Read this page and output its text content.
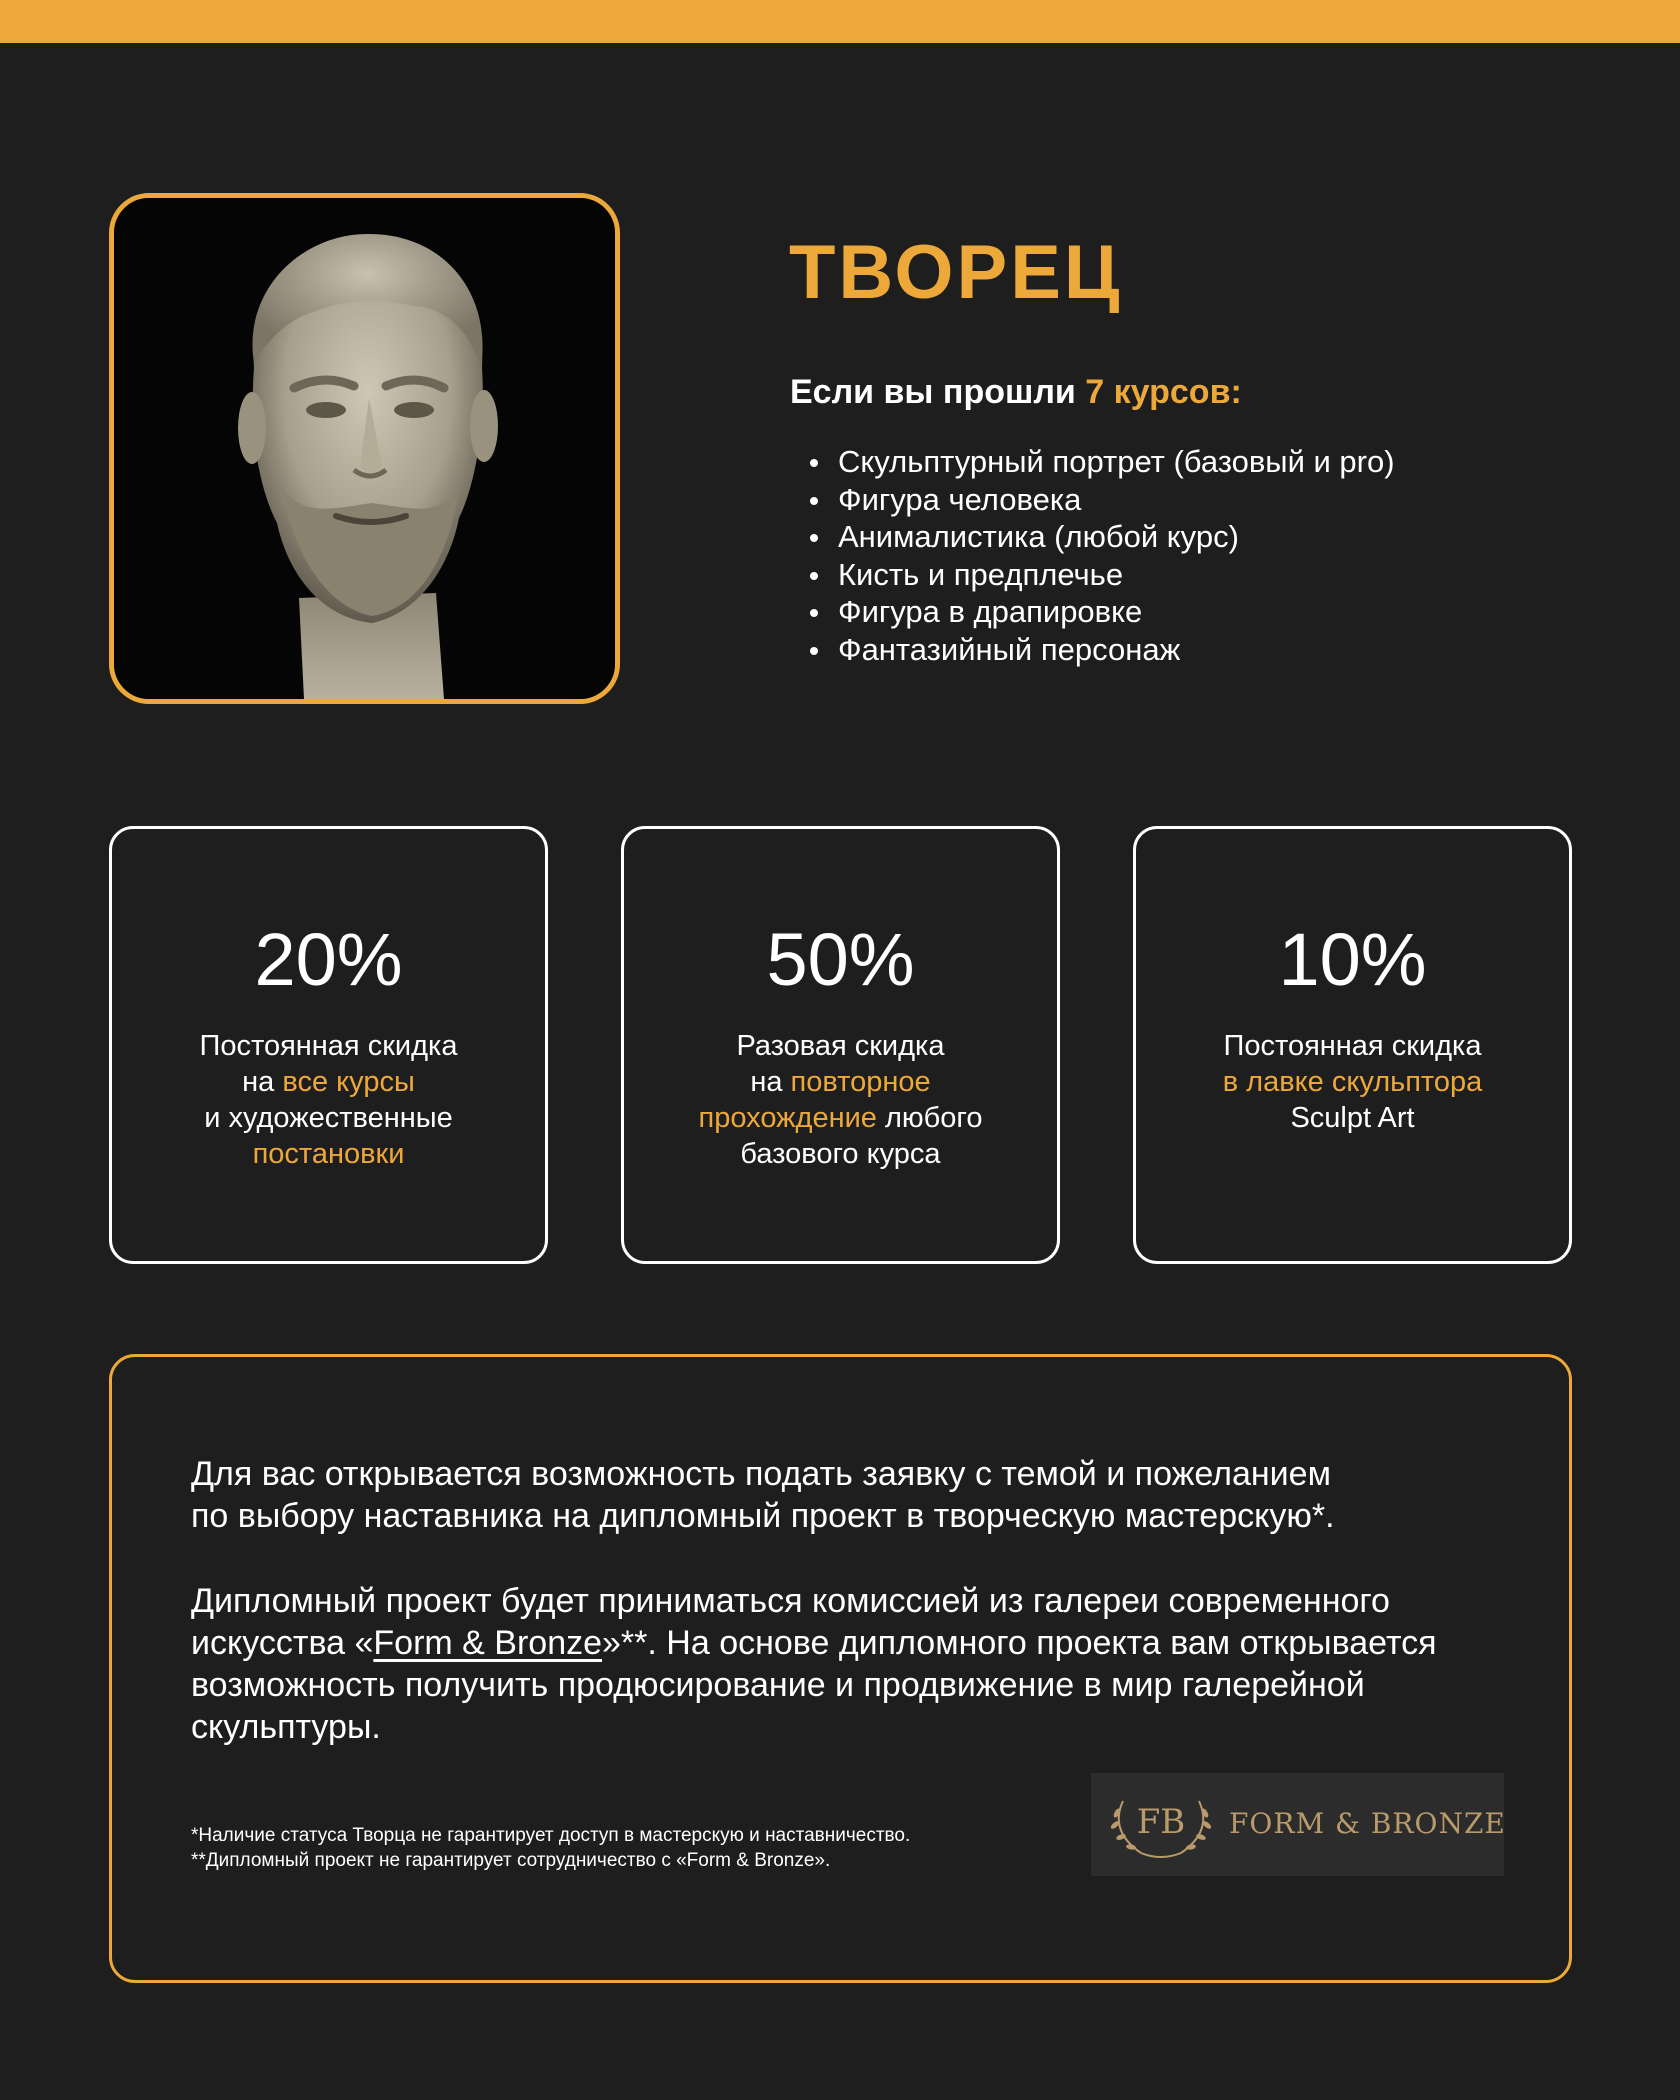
ТВОРЕЦ
Если вы прошли 7 курсов:
Скульптурный портрет (базовый и pro)
Фигура человека
Анималистика (любой курс)
Кисть и предплечье
Фигура в драпировке
Фантазийный персонаж
20%
Постоянная скидка
на все курсы
и художественные
постановки
50%
Разовая скидка
на повторное
прохождение любого
базового курса
10%
Постоянная скидка
в лавке скульптора
Sculpt Art
Для вас открывается возможность подать заявку с темой и пожеланием
по выбору наставника на дипломный проект в творческую мастерскую*.
Дипломный проект будет приниматься комиссией из галереи современного
искусства «Form & Bronze»**. На основе дипломного проекта вам открывается
возможность получить продюсирование и продвижение в мир галерейной
скульптуры.
*Наличие статуса Творца не гарантирует доступ в мастерскую и наставничество.
**Дипломный проект не гарантирует сотрудничество с «Form & Bronze».
FB FORM & BRONZE
